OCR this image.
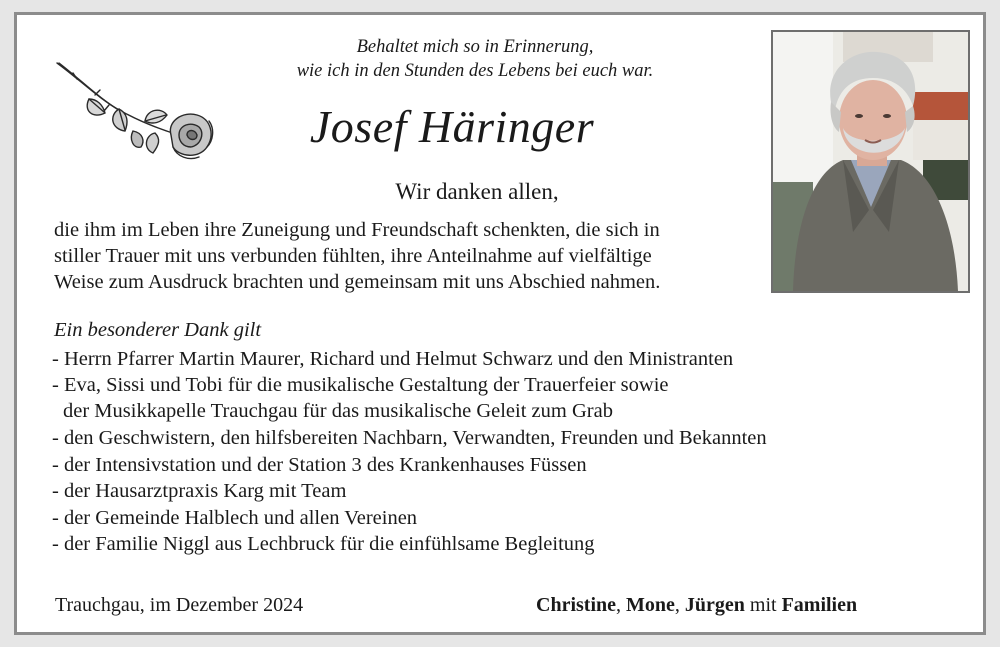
Behaltet mich so in Erinnerung,
wie ich in den Stunden des Lebens bei euch war.
Josef Häringer
Wir danken allen,
die ihm im Leben ihre Zuneigung und Freundschaft schenkten, die sich in
stiller Trauer mit uns verbunden fühlten, ihre Anteilnahme auf vielfältige
Weise zum Ausdruck brachten und gemeinsam mit uns Abschied nahmen.
Ein besonderer Dank gilt
- Herrn Pfarrer Martin Maurer, Richard und Helmut Schwarz und den Ministranten
- Eva, Sissi und Tobi für die musikalische Gestaltung der Trauerfeier sowie
der Musikkapelle Trauchgau für das musikalische Geleit zum Grab
- den Geschwistern, den hilfsbereiten Nachbarn, Verwandten, Freunden und Bekannten
- der Intensivstation und der Station 3 des Krankenhauses Füssen
- der Hausarztpraxis Karg mit Team
- der Gemeinde Halblech und allen Vereinen
- der Familie Niggl aus Lechbruck für die einfühlsame Begleitung
Trauchgau, im Dezember 2024	Christine, Mone, Jürgen mit Familien
